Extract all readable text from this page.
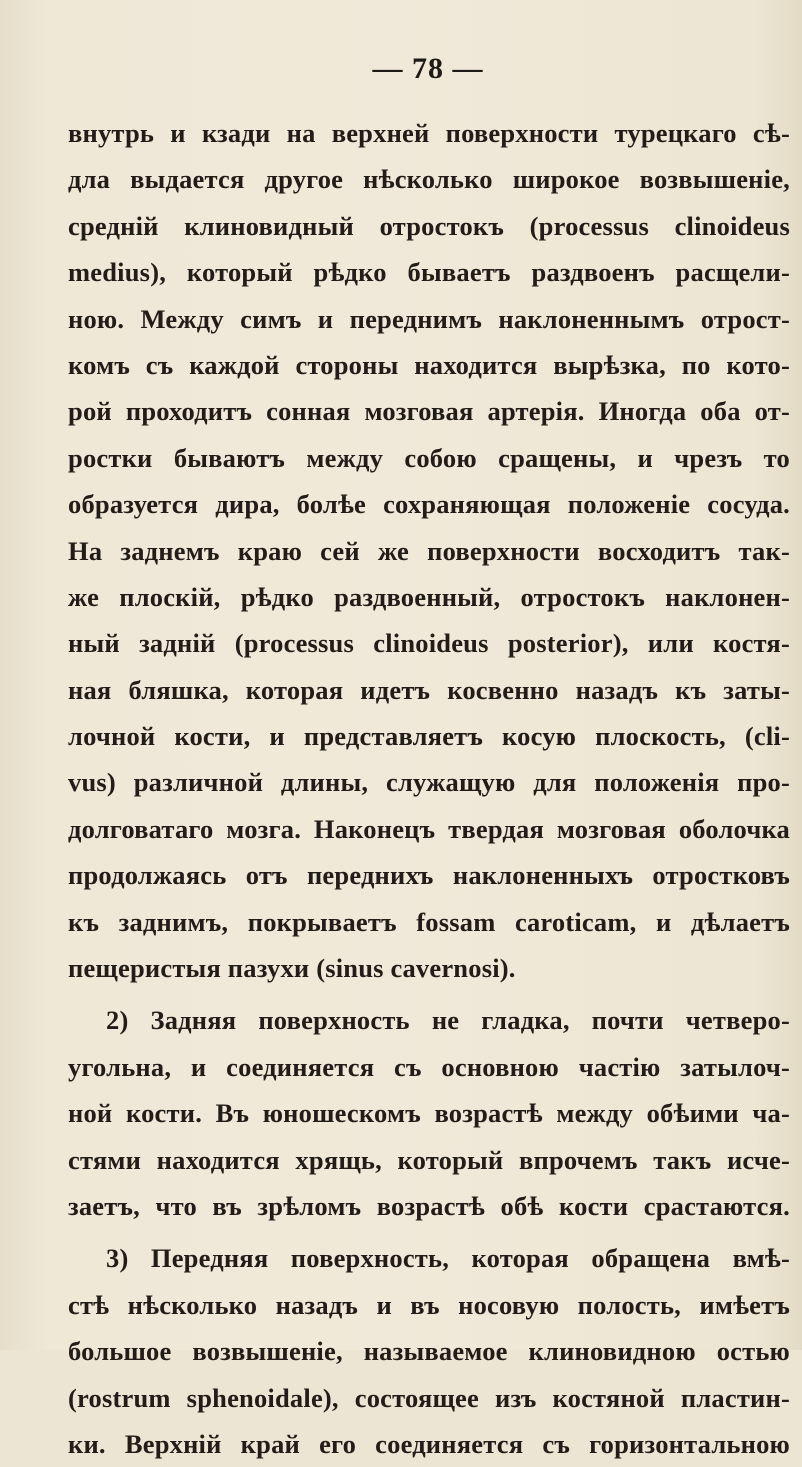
— 78 —
внутрь и кзади на верхней поверхности турецкаго сѣ-
дла выдается другое нѣсколько широкое возвышенie,
средній клиновидный отростокъ (processus clinoideus
medius), который рѣдко бываетъ раздвоенъ расщели-
ною. Между симъ и переднимъ наклоненнымъ отрост-
комъ съ каждой стороны находится вырѣзка, по кото-
рой проходитъ сонная мозговая артерія. Иногда оба от-
ростки бываютъ между собою сращены, и чрезъ то
образуется дира, болѣе сохраняющая положенie сосуда.
На заднемъ краю сей же поверхности восходитъ так-
же плоскій, рѣдко раздвоенный, отростокъ наклонен-
ный задній (processus clinoideus posterior), или костя-
ная бляшка, которая идетъ косвенно назадъ къ заты-
лочной кости, и представляетъ косую плоскость, (cli-
vus) различной длины, служащую для положенія про-
долговатаго мозга. Наконецъ твердая мозговая оболочка
продолжаясь отъ переднихъ наклоненныхъ отростковъ
къ заднимъ, покрываетъ fossam caroticam, и дѣлаетъ
пещеристыя пазухи (sinus cavernosi).
2) Задняя поверхность не гладка, почти четверо-
угольна, и соединяется съ основною частію затылоч-
ной кости. Въ юношескомъ возрастѣ между обѣими ча-
стями находится хрящь, который впрочемъ такъ исче-
заетъ, что въ зрѣломъ возрастѣ обѣ кости срастаются.
3) Передняя поверхность, которая обращена вмѣ-
стѣ нѣсколько назадъ и въ носовую полость, имѣетъ
большое возвышенie, называемое клиновидною остью
(rostrum sphenoidale), состоящее изъ костяной пластин-
ки. Верхній край его соединяется съ горизонтальною
